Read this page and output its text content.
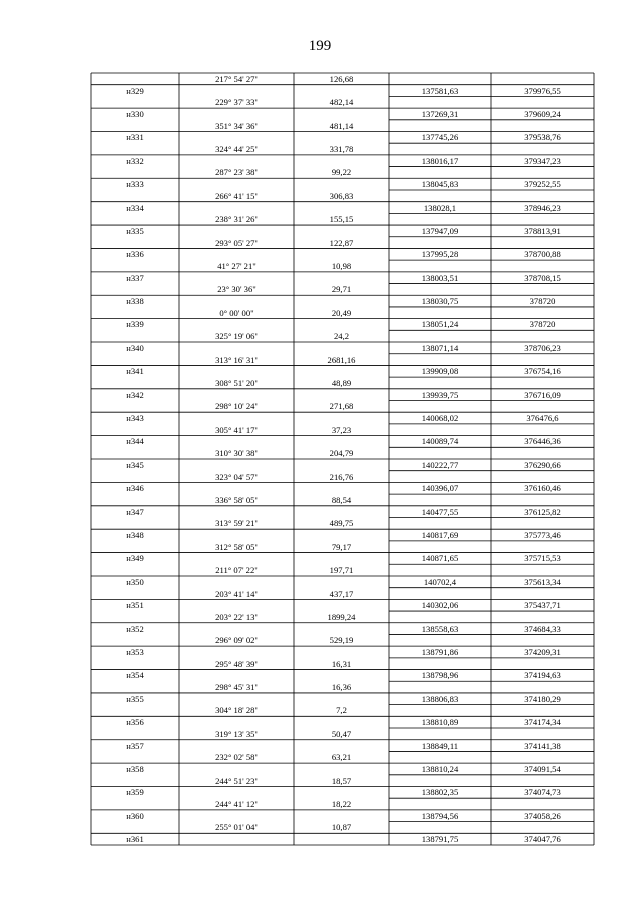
199
217° 54' 27"	126,68
н329	137581,63	379976,55
229° 37' 33"	482,14
н330	137269,31	379609,24
351° 34' 36"	481,14
н331	137745,26	379538,76
324° 44' 25"	331,78
н332	138016,17	379347,23
287° 23' 38"	99,22
н333	138045,83	379252,55
266° 41' 15"	306,83
н334	138028,1	378946,23
238° 31' 26"	155,15
н335	137947,09	378813,91
293° 05' 27"	122,87
н336	137995,28	378700,88
41° 27' 21"	10,98
н337	138003,51	378708,15
23° 30' 36"	29,71
н338	138030,75	378720
0° 00' 00"	20,49
н339	138051,24	378720
325° 19' 06"	24,2
н340	138071,14	378706,23
313° 16' 31"	2681,16
н341	139909,08	376754,16
308° 51' 20"	48,89
н342	139939,75	376716,09
298° 10' 24"	271,68
н343	140068,02	376476,6
305° 41' 17"	37,23
н344	140089,74	376446,36
310° 30' 38"	204,79
н345	140222,77	376290,66
323° 04' 57"	216,76
н346	140396,07	376160,46
336° 58' 05"	88,54
н347	140477,55	376125,82
313° 59' 21"	489,75
н348	140817,69	375773,46
312° 58' 05"	79,17
н349	140871,65	375715,53
211° 07' 22"	197,71
н350	140702,4	375613,34
203° 41' 14"	437,17
н351	140302,06	375437,71
203° 22' 13"	1899,24
н352	138558,63	374684,33
296° 09' 02"	529,19
н353	138791,86	374209,31
295° 48' 39"	16,31
н354	138798,96	374194,63
298° 45' 31"	16,36
н355	138806,83	374180,29
304° 18' 28"	7,2
н356	138810,89	374174,34
319° 13' 35"	50,47
н357	138849,11	374141,38
232° 02' 58"	63,21
н358	138810,24	374091,54
244° 51' 23"	18,57
н359	138802,35	374074,73
244° 41' 12"	18,22
н360	138794,56	374058,26
255° 01' 04"	10,87
н361	138791,75	374047,76
